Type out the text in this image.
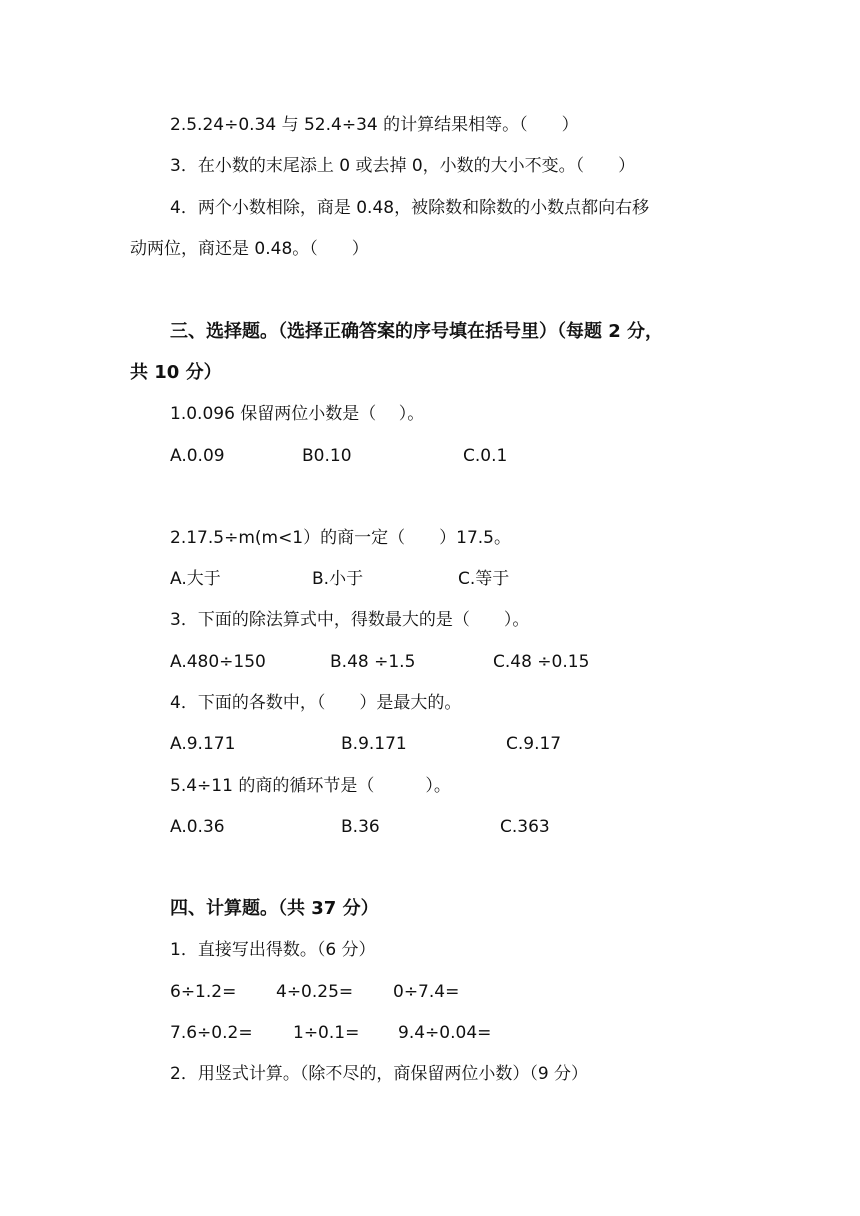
2.5.24÷0.34 与 52.4÷34 的计算结果相等。（　　）
3．在小数的末尾添上 0 或去掉 0，小数的大小不变。（　　）
4．两个小数相除，商是 0.48，被除数和除数的小数点都向右移
动两位，商还是 0.48。（　　）
三、选择题。（选择正确答案的序号填在括号里）（每题 2 分，
共 10 分）
1.0.096 保留两位小数是（　 ）。
A.0.09	B0.10	C.0.1
2.17.5÷m(m<1）的商一定（　　）17.5。
A.大于	B.小于	C.等于
3．下面的除法算式中，得数最大的是（　　）。
A.480÷150	B.48 ÷1.5	C.48 ÷0.15
4．下面的各数中，（　　）是最大的。
A.9.171	B.9.171	C.9.17
5.4÷11 的商的循环节是（　　　）。
A.0.36	B.36	C.363
四、计算题。（共 37 分）
1．直接写出得数。（6 分）
6÷1.2= 4÷0.25= 0÷7.4=
7.6÷0.2= 1÷0.1= 9.4÷0.04=
2．用竖式计算。（除不尽的，商保留两位小数）（9 分）
